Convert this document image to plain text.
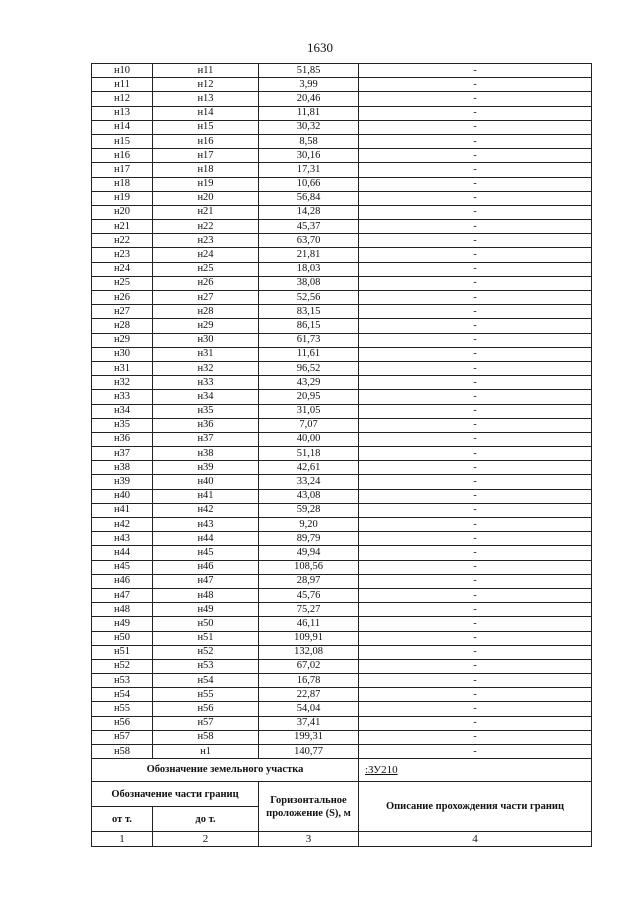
1630
н10	н11	51,85	-
н11	н12	3,99	-
н12	н13	20,46	-
н13	н14	11,81	-
н14	н15	30,32	-
н15	н16	8,58	-
н16	н17	30,16	-
н17	н18	17,31	-
н18	н19	10,66	-
н19	н20	56,84	-
н20	н21	14,28	-
н21	н22	45,37	-
н22	н23	63,70	-
н23	н24	21,81	-
н24	н25	18,03	-
н25	н26	38,08	-
н26	н27	52,56	-
н27	н28	83,15	-
н28	н29	86,15	-
н29	н30	61,73	-
н30	н31	11,61	-
н31	н32	96,52	-
н32	н33	43,29	-
н33	н34	20,95	-
н34	н35	31,05	-
н35	н36	7,07	-
н36	н37	40,00	-
н37	н38	51,18	-
н38	н39	42,61	-
н39	н40	33,24	-
н40	н41	43,08	-
н41	н42	59,28	-
н42	н43	9,20	-
н43	н44	89,79	-
н44	н45	49,94	-
н45	н46	108,56	-
н46	н47	28,97	-
н47	н48	45,76	-
н48	н49	75,27	-
н49	н50	46,11	-
н50	н51	109,91	-
н51	н52	132,08	-
н52	н53	67,02	-
н53	н54	16,78	-
н54	н55	22,87	-
н55	н56	54,04	-
н56	н57	37,41	-
н57	н58	199,31	-
н58	н1	140,77	-
Обозначение земельного участка			:ЗУ210
Обозначение части границ		Горизонтальное проложение (S), м	Описание прохождения части границ
от т.	до т.		
1	2	3	4
